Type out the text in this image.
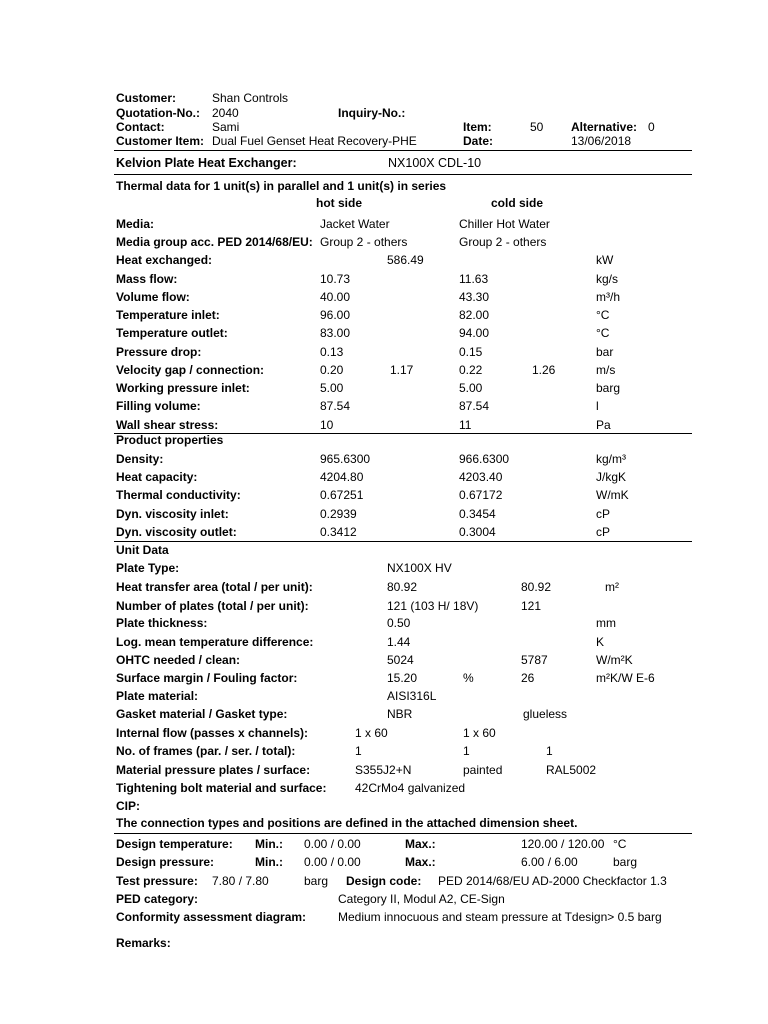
Customer:	Shan Controls
Quotation-No.: 2040	Inquiry-No.:
Contact:	Sami	Item:	50 Alternative: 0
Customer Item: Dual Fuel Genset Heat Recovery-PHE	Date:	13/06/2018
Kelvion Plate Heat Exchanger:	NX100X CDL-10
Thermal data for 1 unit(s) in parallel and 1 unit(s) in series
hot side	cold side
Media:	Jacket Water	Chiller Hot Water
Media group acc. PED 2014/68/EU: Group 2 - others	Group 2 - others
Heat exchanged:	586.49	kW
Mass flow:	10.73	11.63	kg/s
Volume flow:	40.00	43.30	m³/h
Temperature inlet:	96.00	82.00	°C
Temperature outlet:	83.00	94.00	°C
Pressure drop:	0.13	0.15	bar
Velocity gap / connection:	0.20	1.17	0.22	1.26	m/s
Working pressure inlet:	5.00	5.00	barg
Filling volume:	87.54	87.54	l
Wall shear stress:	10	11	Pa
Product properties
Density:	965.6300	966.6300	kg/m³
Heat capacity:	4204.80	4203.40	J/kgK
Thermal conductivity:	0.67251	0.67172	W/mK
Dyn. viscosity inlet:	0.2939	0.3454	cP
Dyn. viscosity outlet:	0.3412	0.3004	cP
Unit Data
Plate Type:	NX100X HV
Heat transfer area (total / per unit):	80.92	80.92	m²
Number of plates (total / per unit):	121 (103 H/ 18V)	121
Plate thickness:	0.50	mm
Log. mean temperature difference:	1.44	K
OHTC needed / clean:	5024	5787	W/m²K
Surface margin / Fouling factor:	15.20	%	26	m²K/W E-6
Plate material:	AISI316L
Gasket material / Gasket type:	NBR	glueless
Internal flow (passes x channels):	1 x 60	1 x 60
No. of frames (par. / ser. / total):	1	1	1
Material pressure plates / surface:	S355J2+N	painted	RAL5002
Tightening bolt material and surface: 42CrMo4 galvanized
CIP:
The connection types and positions are defined in the attached dimension sheet.
Design temperature: Min.: 0.00 / 0.00	Max.:	120.00 / 120.00 °C
Design pressure:	Min.: 0.00 / 0.00	Max.:	6.00 / 6.00	barg
Test pressure: 7.80 / 7.80	barg Design code: PED 2014/68/EU AD-2000 Checkfactor 1.3
PED category:	Category II, Modul A2, CE-Sign
Conformity assessment diagram:	Medium innocuous and steam pressure at Tdesign> 0.5 barg
Remarks:
